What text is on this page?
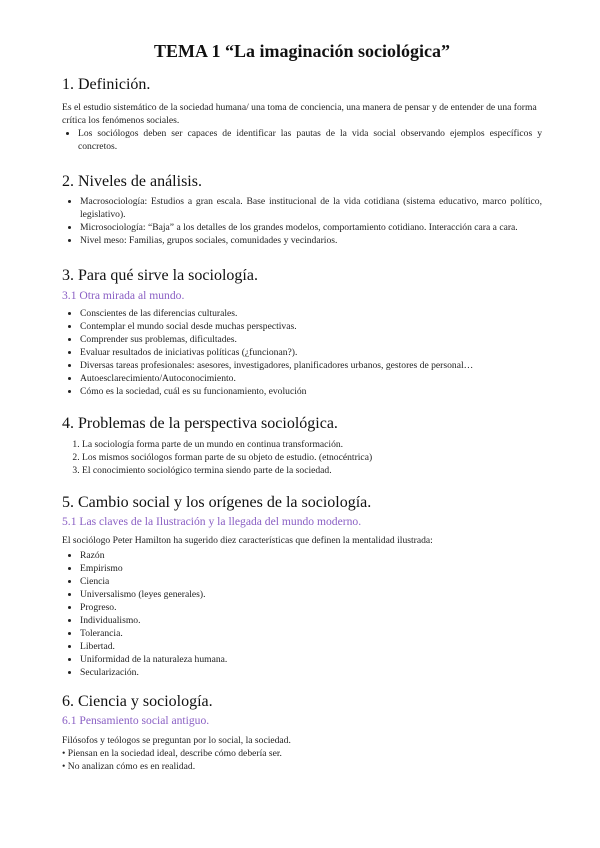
TEMA 1 “La imaginación sociológica”
1. Definición.

Es el estudio sistemático de la sociedad humana/ una toma de conciencia, una manera de pensar y de entender de una forma crítica los fenómenos sociales.

• Los sociólogos deben ser capaces de identificar las pautas de la vida social observando ejemplos específicos y concretos.
2. Niveles de análisis.
• Macrosociología: Estudios a gran escala. Base institucional de la vida cotidiana (sistema educativo, marco político, legislativo).
• Microsociología: “Baja” a los detalles de los grandes modelos, comportamiento cotidiano. Interacción cara a cara.
• Nivel meso: Familias, grupos sociales, comunidades y vecindarios.
3. Para qué sirve la sociología.
3.1 Otra mirada al mundo.
• Conscientes de las diferencias culturales.
• Contemplar el mundo social desde muchas perspectivas.
• Comprender sus problemas, dificultades.
• Evaluar resultados de iniciativas políticas (¿funcionan?).
• Diversas tareas profesionales: asesores, investigadores, planificadores urbanos, gestores de personal…
• Autoesclarecimiento/Autoconocimiento.
• Cómo es la sociedad, cuál es su funcionamiento, evolución
4. Problemas de la perspectiva sociológica.
1. La sociología forma parte de un mundo en continua transformación.
2. Los mismos sociólogos forman parte de su objeto de estudio. (etnocéntrica)
3. El conocimiento sociológico termina siendo parte de la sociedad.
5. Cambio social y los orígenes de la sociología.
5.1 Las claves de la Ilustración y la llegada del mundo moderno.

El sociólogo Peter Hamilton ha sugerido diez características que definen la mentalidad ilustrada:

• Razón
• Empirismo
• Ciencia
• Universalismo (leyes generales).
• Progreso.
• Individualismo.
• Tolerancia.
• Libertad.
• Uniformidad de la naturaleza humana.
• Secularización.
6. Ciencia y sociología.
6.1 Pensamiento social antiguo.

Filósofos y teólogos se preguntan por lo social, la sociedad.

• Piensan en la sociedad ideal, describe cómo debería ser.
• No analizan cómo es en realidad.
